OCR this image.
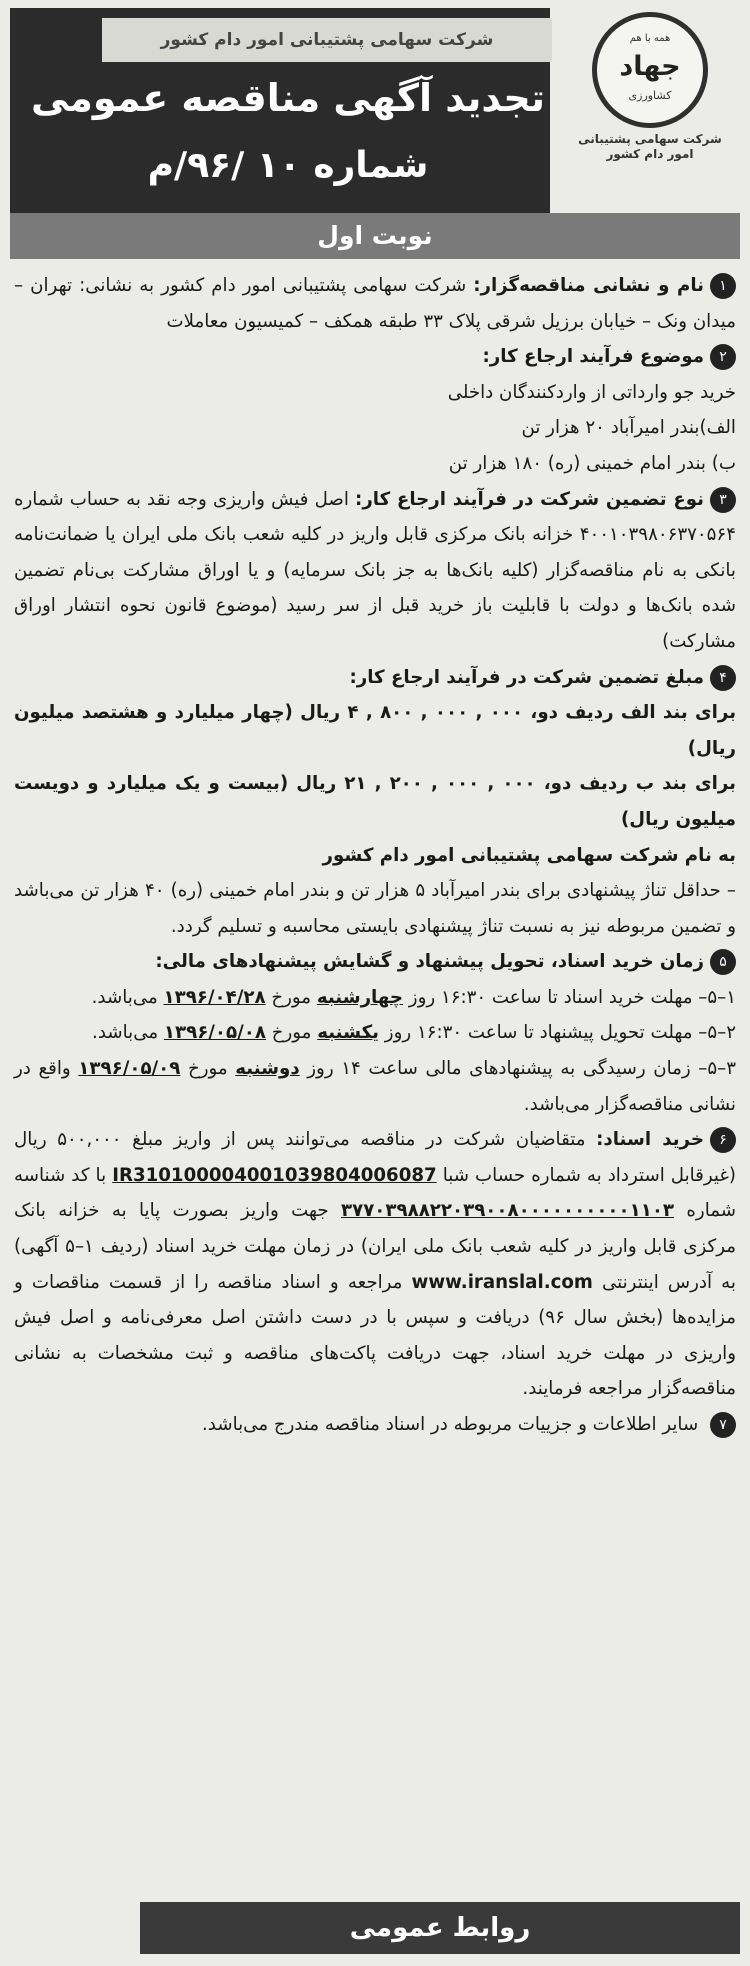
شرکت سهامی پشتیبانی امور دام کشور
تجدید آگهی مناقصه عمومی
شماره ۱۰ /۹۶/م
همه با هم
جهاد
کشاورزی
شرکت سهامی پشتیبانی
امور دام کشور
نوبت اول

۱نام و نشانی مناقصه‌گزار: شرکت سهامی پشتیبانی امور دام کشور به نشانی: تهران – میدان ونک – خیابان برزیل شرقی پلاک ۳۳ طبقه همکف – کمیسیون معاملات

۲موضوع فرآیند ارجاع کار:

خرید جو وارداتی از واردکنندگان داخلی

الف)بندر امیرآباد ۲۰ هزار تن

ب) بندر امام خمینی (ره) ۱۸۰ هزار تن

۳نوع تضمین شرکت در فرآیند ارجاع کار: اصل فیش واریزی وجه نقد به حساب شماره ۴۰۰۱۰۳۹۸۰۶۳۷۰۵۶۴ خزانه بانک مرکزی قابل واریز در کلیه شعب بانک ملی ایران یا ضمانت‌نامه بانکی به نام مناقصه‌گزار (کلیه بانک‌ها به جز بانک سرمایه) و یا اوراق مشارکت بی‌نام تضمین شده بانک‌ها و دولت با قابلیت باز خرید قبل از سر رسید (موضوع قانون نحوه انتشار اوراق مشارکت)

۴مبلغ تضمین شرکت در فرآیند ارجاع کار:

برای بند الف ردیف دو، ۰۰۰ , ۰۰۰ , ۸۰۰ , ۴ ریال (چهار میلیارد و هشتصد میلیون ریال)

برای بند ب ردیف دو، ۰۰۰ , ۰۰۰ , ۲۰۰ , ۲۱ ریال (بیست و یک میلیارد و دویست میلیون ریال)

به نام شرکت سهامی پشتیبانی امور دام کشور

– حداقل تناژ پیشنهادی برای بندر امیرآباد ۵ هزار تن و بندر امام خمینی (ره) ۴۰ هزار تن می‌باشد و تضمین مربوطه نیز به نسبت تناژ پیشنهادی بایستی محاسبه و تسلیم گردد.

۵زمان خرید اسناد، تحویل پیشنهاد و گشایش پیشنهادهای مالی:

۱–۵– مهلت خرید اسناد تا ساعت ۱۶:۳۰ روز چهارشنبه مورخ ۱۳۹۶/۰۴/۲۸ می‌باشد.

۲–۵– مهلت تحویل پیشنهاد تا ساعت ۱۶:۳۰ روز یکشنبه مورخ ۱۳۹۶/۰۵/۰۸ می‌باشد.

۳–۵– زمان رسیدگی به پیشنهادهای مالی ساعت ۱۴ روز دوشنبه مورخ ۱۳۹۶/۰۵/۰۹ واقع در نشانی مناقصه‌گزار می‌باشد.

۶خرید اسناد: متقاضیان شرکت در مناقصه می‌توانند پس از واریز مبلغ ۵۰۰,۰۰۰ ریال (غیرقابل استرداد به شماره حساب شبا IR310100004001039804006087 با کد شناسه شماره ۳۷۷۰۳۹۸۸۲۲۰۳۹۰۰۸۰۰۰۰۰۰۰۰۰۰۱۱۰۳ جهت واریز بصورت پایا به خزانه بانک مرکزی قابل واریز در کلیه شعب بانک ملی ایران) در زمان مهلت خرید اسناد (ردیف ۱–۵ آگهی) به آدرس اینترنتی www.iranslal.com مراجعه و اسناد مناقصه را از قسمت مناقصات و مزایده‌ها (بخش سال ۹۶) دریافت و سپس با در دست داشتن اصل معرفی‌نامه و اصل فیش واریزی در مهلت خرید اسناد، جهت دریافت پاکت‌های مناقصه و ثبت مشخصات به نشانی مناقصه‌گزار مراجعه فرمایند.

۷ سایر اطلاعات و جزییات مربوطه در اسناد مناقصه مندرج می‌باشد.

روابط عمومی
